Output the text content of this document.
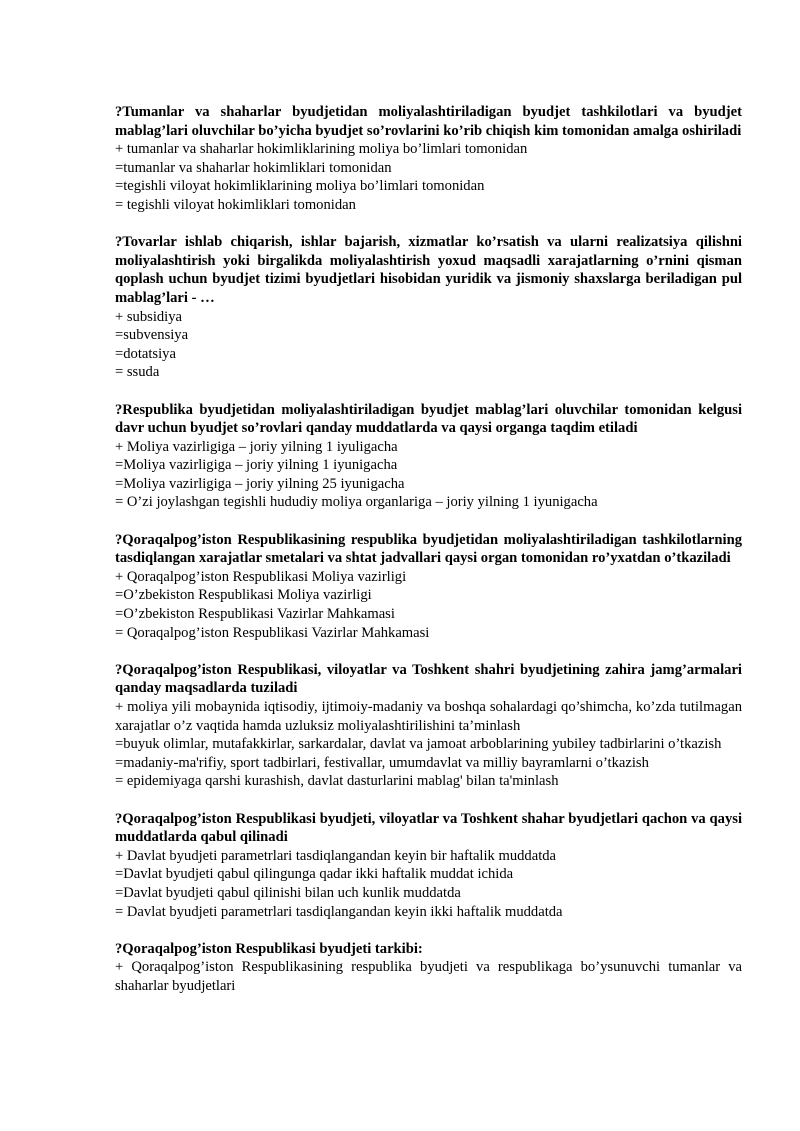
?Tumanlar va shaharlar byudjetidan moliyalashtiriladigan byudjet tashkilotlari va byudjet mablag’lari oluvchilar bo’yicha byudjet so’rovlarini ko’rib chiqish kim tomonidan amalga oshiriladi
+ tumanlar va shaharlar hokimliklarining moliya bo’limlari tomonidan
=tumanlar va shaharlar hokimliklari tomonidan
=tegishli viloyat hokimliklarining moliya bo’limlari tomonidan
= tegishli viloyat hokimliklari tomonidan
?Tovarlar ishlab chiqarish, ishlar bajarish, xizmatlar ko’rsatish va ularni realizatsiya qilishni moliyalashtirish yoki birgalikda moliyalashtirish yoxud maqsadli xarajatlarning o’rnini qisman qoplash uchun byudjet tizimi byudjetlari hisobidan yuridik va jismoniy shaxslarga beriladigan pul mablag’lari - …
+ subsidiya
=subvensiya
=dotatsiya
= ssuda
?Respublika byudjetidan moliyalashtiriladigan byudjet mablag’lari oluvchilar tomonidan kelgusi davr uchun byudjet so’rovlari qanday muddatlarda va qaysi organga taqdim etiladi
+ Moliya vazirligiga – joriy yilning 1 iyuligacha
=Moliya vazirligiga – joriy yilning 1 iyunigacha
=Moliya vazirligiga – joriy yilning 25 iyunigacha
= O’zi joylashgan tegishli hududiy moliya organlariga – joriy yilning 1 iyunigacha
?Qoraqalpog’iston Respublikasining respublika byudjetidan moliyalashtiriladigan tashkilotlarning tasdiqlangan xarajatlar smetalari va shtat jadvallari qaysi organ tomonidan ro’yxatdan o’tkaziladi
+ Qoraqalpog’iston Respublikasi Moliya vazirligi
=O’zbekiston Respublikasi Moliya vazirligi
=O’zbekiston Respublikasi Vazirlar Mahkamasi
= Qoraqalpog’iston Respublikasi Vazirlar Mahkamasi
?Qoraqalpog’iston Respublikasi, viloyatlar va Toshkent shahri byudjetining zahira jamg’armalari qanday maqsadlarda tuziladi
+ moliya yili mobaynida iqtisodiy, ijtimoiy-madaniy va boshqa sohalardagi qo’shimcha, ko’zda tutilmagan xarajatlar o’z vaqtida hamda uzluksiz moliyalashtirilishini ta’minlash
=buyuk olimlar, mutafakkirlar, sarkardalar, davlat va jamoat arboblarining yubiley tadbirlarini o’tkazish
=madaniy-ma'rifiy, sport tadbirlari, festivallar, umumdavlat va milliy bayramlarni o’tkazish
= epidemiyaga qarshi kurashish, davlat dasturlarini mablag' bilan ta'minlash
?Qoraqalpog’iston Respublikasi byudjeti, viloyatlar va Toshkent shahar byudjetlari qachon va qaysi muddatlarda qabul qilinadi
+ Davlat byudjeti parametrlari tasdiqlangandan keyin bir haftalik muddatda
=Davlat byudjeti qabul qilingunga qadar ikki haftalik muddat ichida
=Davlat byudjeti qabul qilinishi bilan uch kunlik muddatda
= Davlat byudjeti parametrlari tasdiqlangandan keyin ikki haftalik muddatda
?Qoraqalpog’iston Respublikasi byudjeti tarkibi:
+ Qoraqalpog’iston Respublikasining respublika byudjeti va respublikaga bo’ysunuvchi tumanlar va shaharlar byudjetlari
